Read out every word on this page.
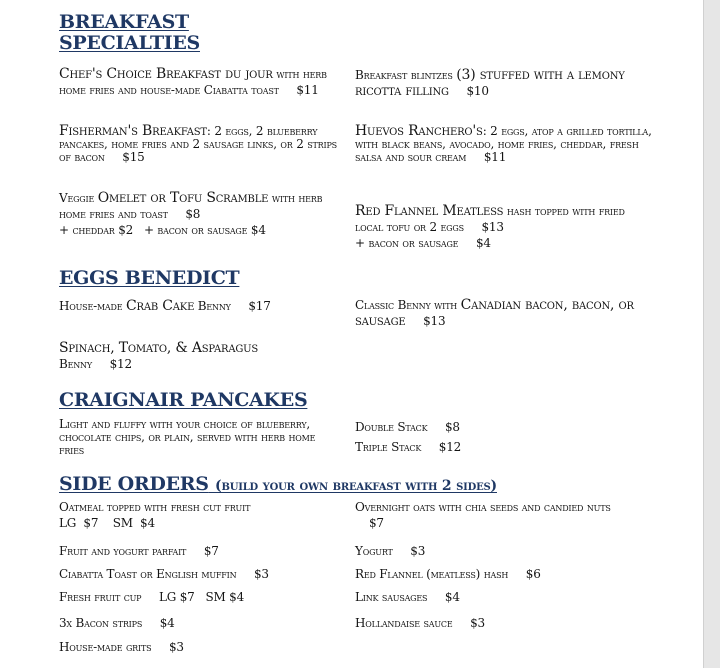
BREAKFAST
SPECIALTIES

Chef's Choice Breakfast du jour with herb home fries and house-made Ciabatta toast $11

Breakfast blintzes (3) stuffed with a lemony ricotta filling $10

Fisherman's Breakfast: 2 eggs, 2 blueberry pancakes, home fries and 2 sausage links, or 2 strips of bacon $15

Huevos Ranchero's: 2 eggs, atop a grilled tortilla, with black beans, avocado, home fries, cheddar, fresh salsa and sour cream $11

Veggie Omelet or Tofu Scramble with herb home fries and toast $8
+ cheddar $2   + bacon or sausage $4

Red Flannel Meatless hash topped with fried local tofu or 2 eggs $13
+ bacon or sausage $4

EGGS BENEDICT

House-made Crab Cake Benny $17	Classic Benny with Canadian bacon, bacon, or sausage $13

Spinach, Tomato, & Asparagus
Benny $12

CRAIGNAIR PANCAKES

Light and fluffy with your choice of blueberry, chocolate chips, or plain, served with herb home fries

Double Stack $8

Triple Stack $12

SIDE ORDERS (build your own breakfast with 2 sides)

Oatmeal topped with fresh cut fruit
LG  $7    SM  $4

Overnight oats with chia seeds and candied nuts $7

Fruit and yogurt parfait $7	Yogurt $3

Ciabatta Toast or English muffin $3	Red Flannel (meatless) hash $6

Fresh fruit cup LG $7   SM $4	Link sausages $4

3x Bacon strips $4	Hollandaise sauce $3

House-made grits $3
